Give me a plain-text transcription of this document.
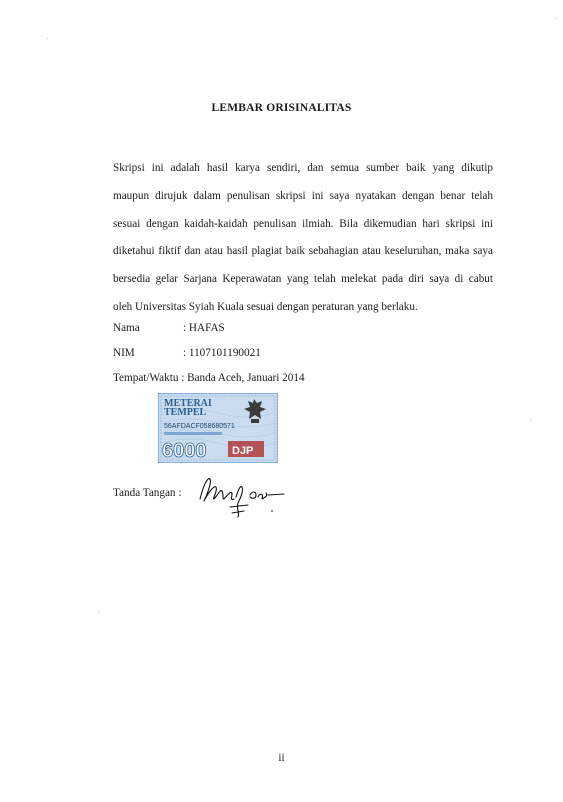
LEMBAR ORISINALITAS
Skripsi ini adalah hasil karya sendiri, dan semua sumber baik yang dikutip
maupun dirujuk dalam penulisan skripsi ini saya nyatakan dengan benar telah
sesuai dengan kaidah-kaidah penulisan ilmiah. Bila dikemudian hari skripsi ini
diketahui fiktif dan atau hasil plagiat baik sebahagian atau keseluruhan, maka saya
bersedia gelar Sarjana Keperawatan yang telah melekat pada diri saya di cabut
oleh Universitas Syiah Kuala sesuai dengan peraturan yang berlaku.
Nama	: HAFAS
NIM	: 1107101190021
Tempat/Waktu : Banda Aceh, Januari 2014
METERAI
TEMPEL
56AFDACF058680571
6000 DJP
Tanda Tangan :
ii
